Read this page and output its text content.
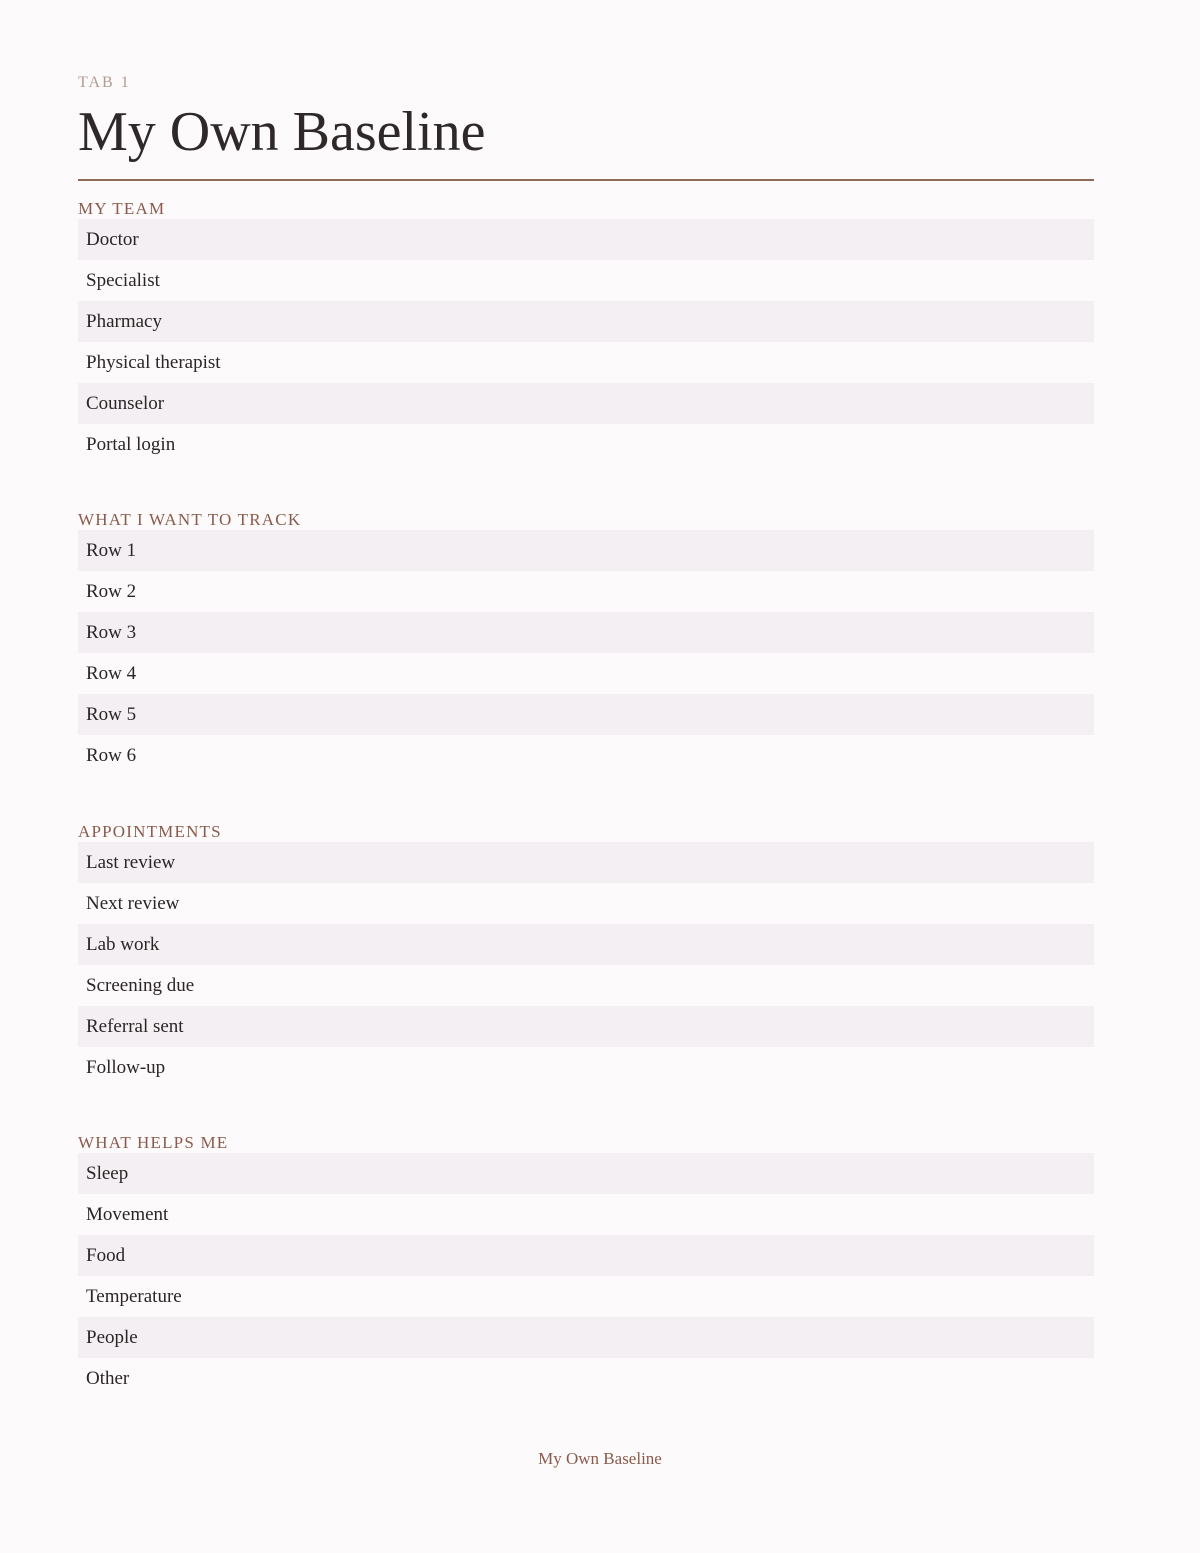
TAB 1
My Own Baseline
MY TEAM
Doctor
Specialist
Pharmacy
Physical therapist
Counselor
Portal login
WHAT I WANT TO TRACK
Row 1
Row 2
Row 3
Row 4
Row 5
Row 6
APPOINTMENTS
Last review
Next review
Lab work
Screening due
Referral sent
Follow-up
WHAT HELPS ME
Sleep
Movement
Food
Temperature
People
Other
My Own Baseline
